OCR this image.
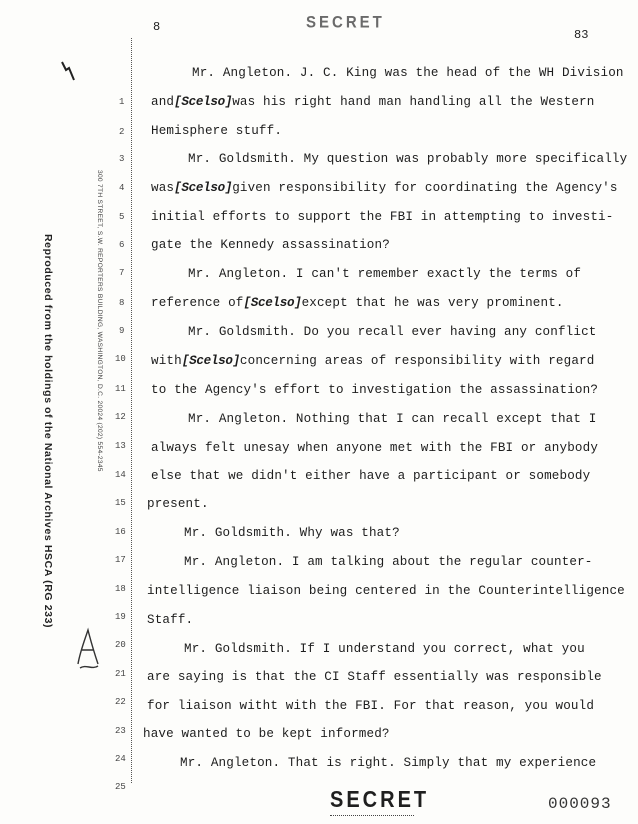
8	SECRET
83
Reproduced from the holdings of the National Archives HSCA (RG 233)	300 7TH STREET, S.W. REPORTERS BUILDING, WASHINGTON, D.C. 20024 (202) 554-2345
1
2
3
4
5
6
7
8
9
10
11
12
13
14
15
16
17
18
19
20
21
22
23
24
25
Mr. Angleton. J. C. King was the head of the WH Division
and[Scelso]was his right hand man handling all the Western
Hemisphere stuff.
Mr. Goldsmith. My question was probably more specifically
was[Scelso]given responsibility for coordinating the Agency's
initial efforts to support the FBI in attempting to investi-
gate the Kennedy assassination?
Mr. Angleton. I can't remember exactly the terms of
reference of[Scelso]except that he was very prominent.
Mr. Goldsmith. Do you recall ever having any conflict
with[Scelso]concerning areas of responsibility with regard
to the Agency's effort to investigation the assassination?
Mr. Angleton. Nothing that I can recall except that I
always felt unesay when anyone met with the FBI or anybody
else that we didn't either have a participant or somebody
present.
Mr. Goldsmith. Why was that?
Mr. Angleton. I am talking about the regular counter-
intelligence liaison being centered in the Counterintelligence
Staff.
Mr. Goldsmith. If I understand you correct, what you
are saying is that the CI Staff essentially was responsible
for liaison witht with the FBI. For that reason, you would
have wanted to be kept informed?
Mr. Angleton. That is right. Simply that my experience
SECRET	000093
